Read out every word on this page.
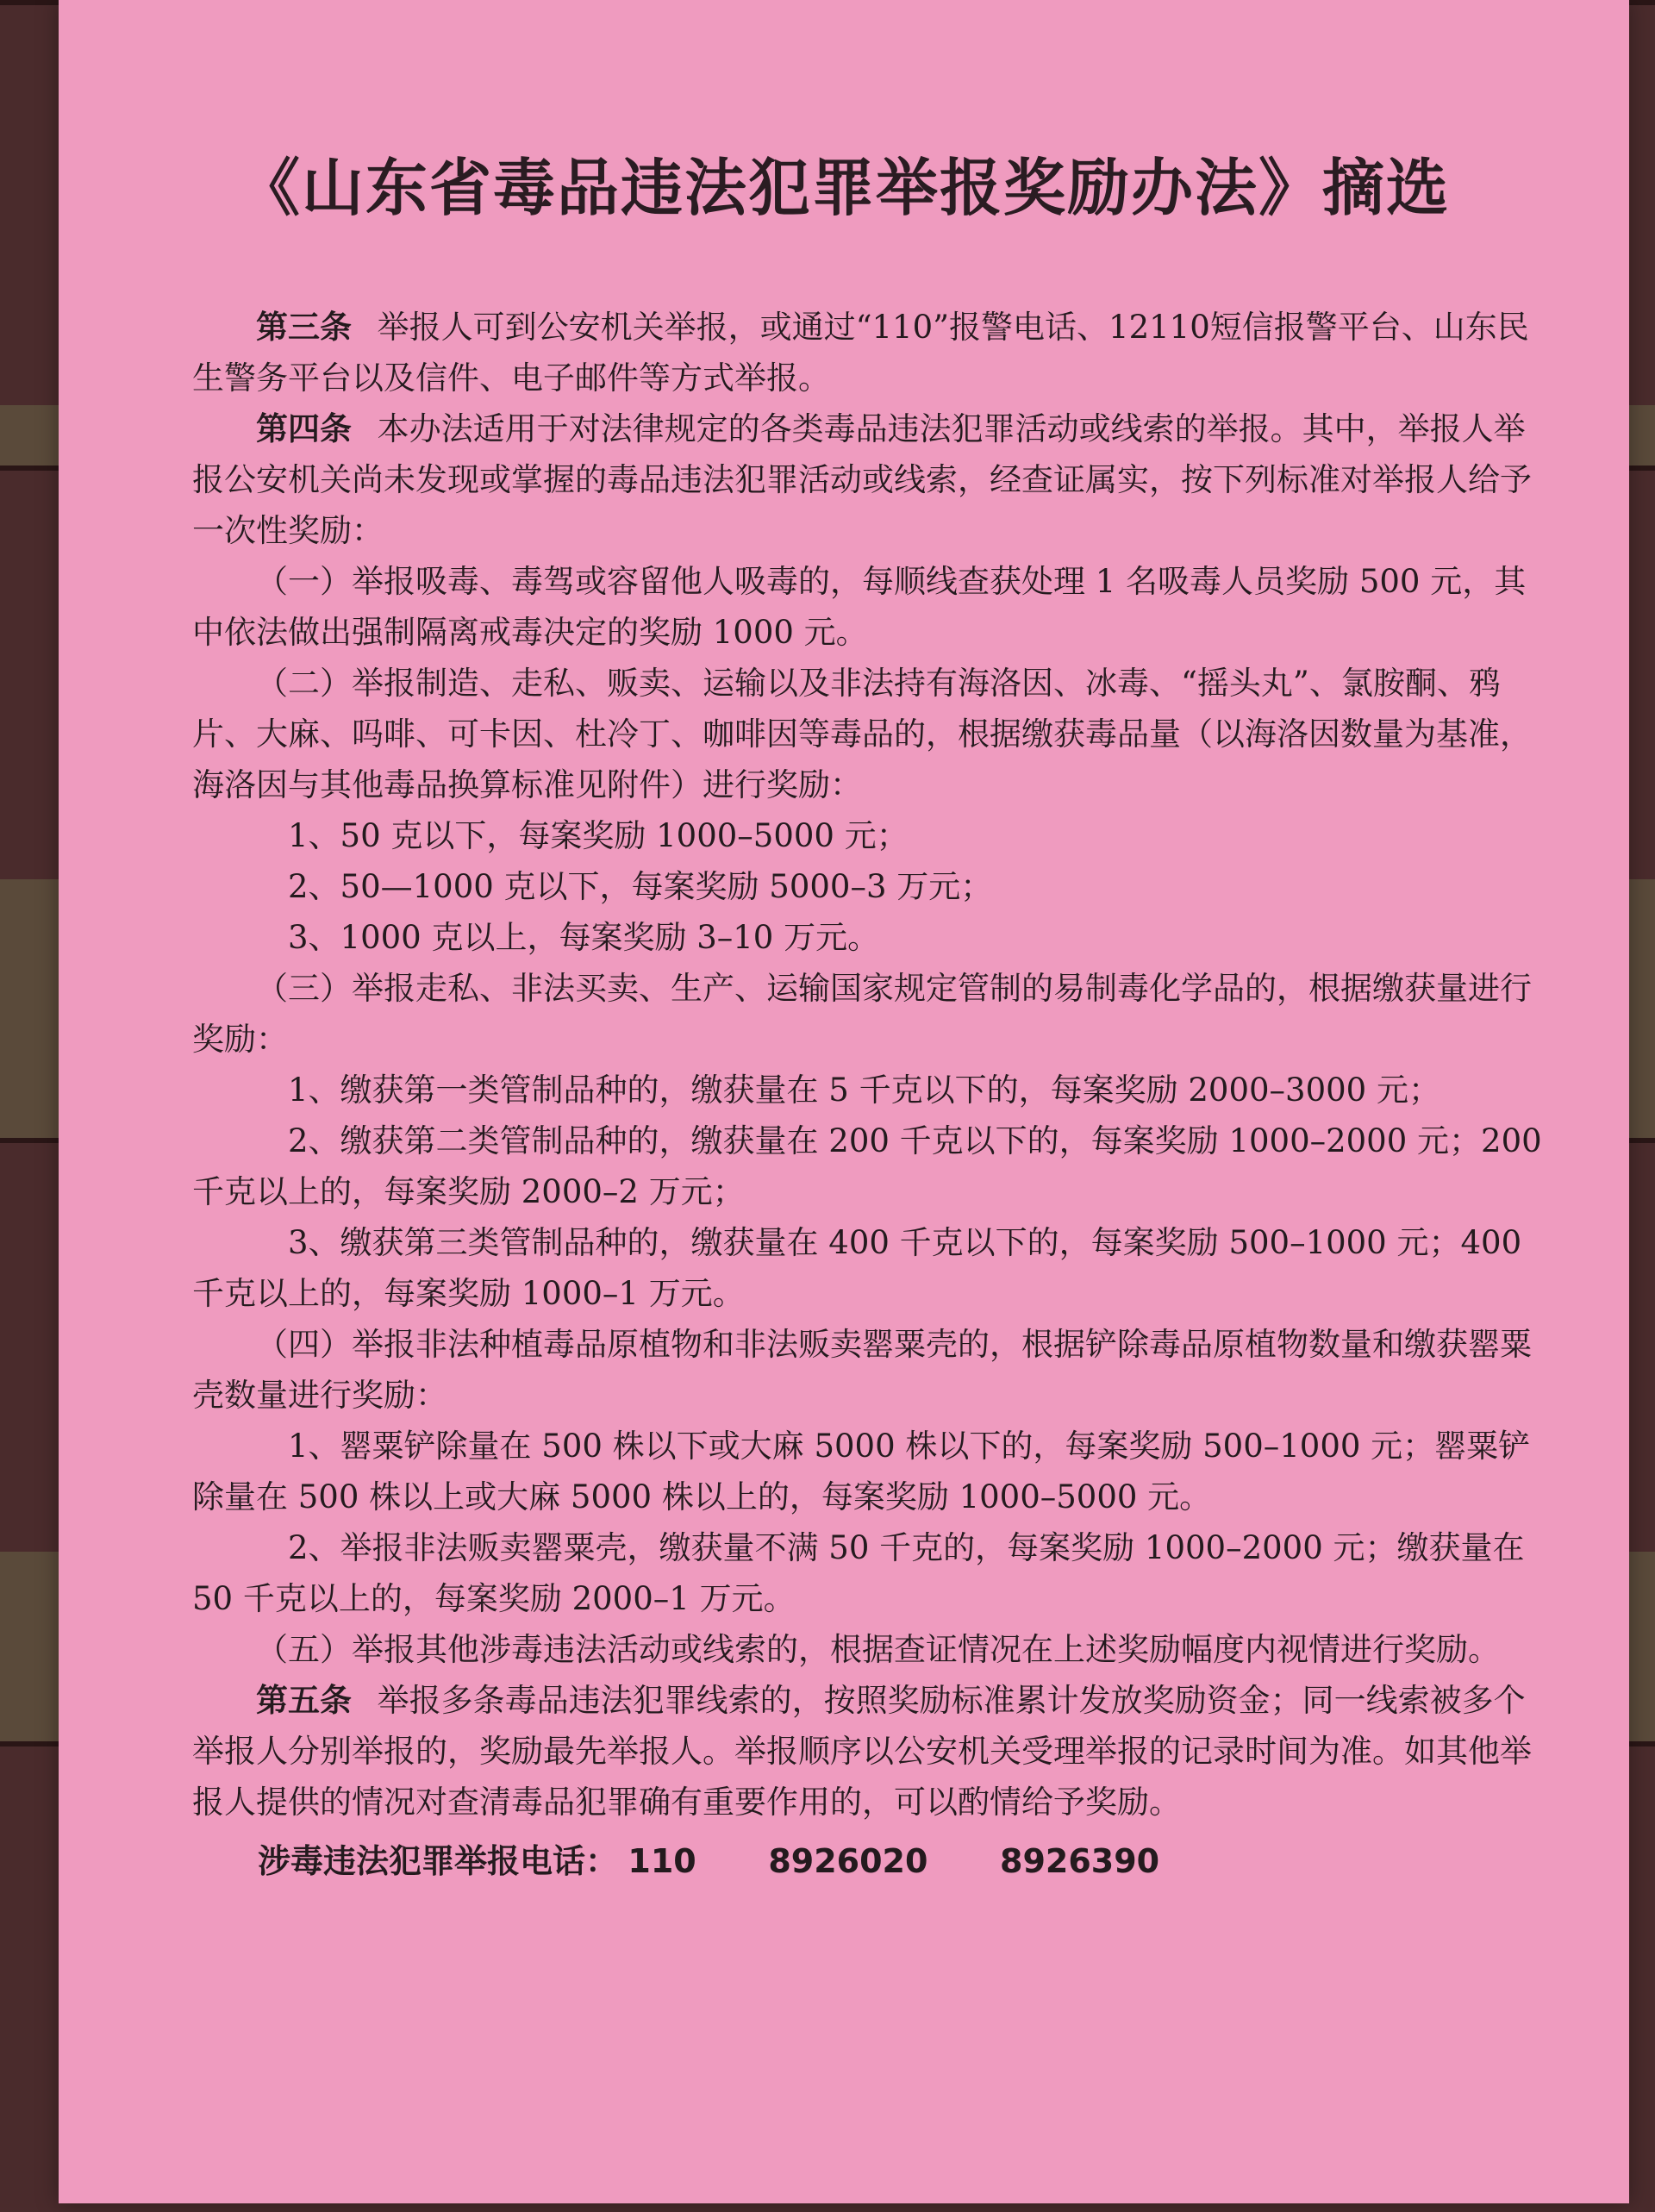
《山东省毒品违法犯罪举报奖励办法》摘选

第三条 举报人可到公安机关举报，或通过“110”报警电话、12110短信报警平台、山东民生警务平台以及信件、电子邮件等方式举报。

第四条 本办法适用于对法律规定的各类毒品违法犯罪活动或线索的举报。其中，举报人举报公安机关尚未发现或掌握的毒品违法犯罪活动或线索，经查证属实，按下列标准对举报人给予一次性奖励：

（一）举报吸毒、毒驾或容留他人吸毒的，每顺线查获处理 1 名吸毒人员奖励 500 元，其中依法做出强制隔离戒毒决定的奖励 1000 元。

（二）举报制造、走私、贩卖、运输以及非法持有海洛因、冰毒、“摇头丸”、氯胺酮、鸦片、大麻、吗啡、可卡因、杜冷丁、咖啡因等毒品的，根据缴获毒品量（以海洛因数量为基准，海洛因与其他毒品换算标准见附件）进行奖励：

1、50 克以下，每案奖励 1000–5000 元；

2、50—1000 克以下，每案奖励 5000–3 万元；

3、1000 克以上，每案奖励 3–10 万元。

（三）举报走私、非法买卖、生产、运输国家规定管制的易制毒化学品的，根据缴获量进行奖励：

1、缴获第一类管制品种的，缴获量在 5 千克以下的，每案奖励 2000–3000 元；

2、缴获第二类管制品种的，缴获量在 200 千克以下的，每案奖励 1000–2000 元；200 千克以上的，每案奖励 2000–2 万元；

3、缴获第三类管制品种的，缴获量在 400 千克以下的，每案奖励 500–1000 元；400 千克以上的，每案奖励 1000–1 万元。

（四）举报非法种植毒品原植物和非法贩卖罂粟壳的，根据铲除毒品原植物数量和缴获罂粟壳数量进行奖励：

1、罂粟铲除量在 500 株以下或大麻 5000 株以下的，每案奖励 500–1000 元；罂粟铲除量在 500 株以上或大麻 5000 株以上的，每案奖励 1000–5000 元。

2、举报非法贩卖罂粟壳，缴获量不满 50 千克的，每案奖励 1000–2000 元；缴获量在 50 千克以上的，每案奖励 2000–1 万元。

（五）举报其他涉毒违法活动或线索的，根据查证情况在上述奖励幅度内视情进行奖励。

第五条 举报多条毒品违法犯罪线索的，按照奖励标准累计发放奖励资金；同一线索被多个举报人分别举报的，奖励最先举报人。举报顺序以公安机关受理举报的记录时间为准。如其他举报人提供的情况对查清毒品犯罪确有重要作用的，可以酌情给予奖励。

涉毒违法犯罪举报电话： 110 8926020 8926390
